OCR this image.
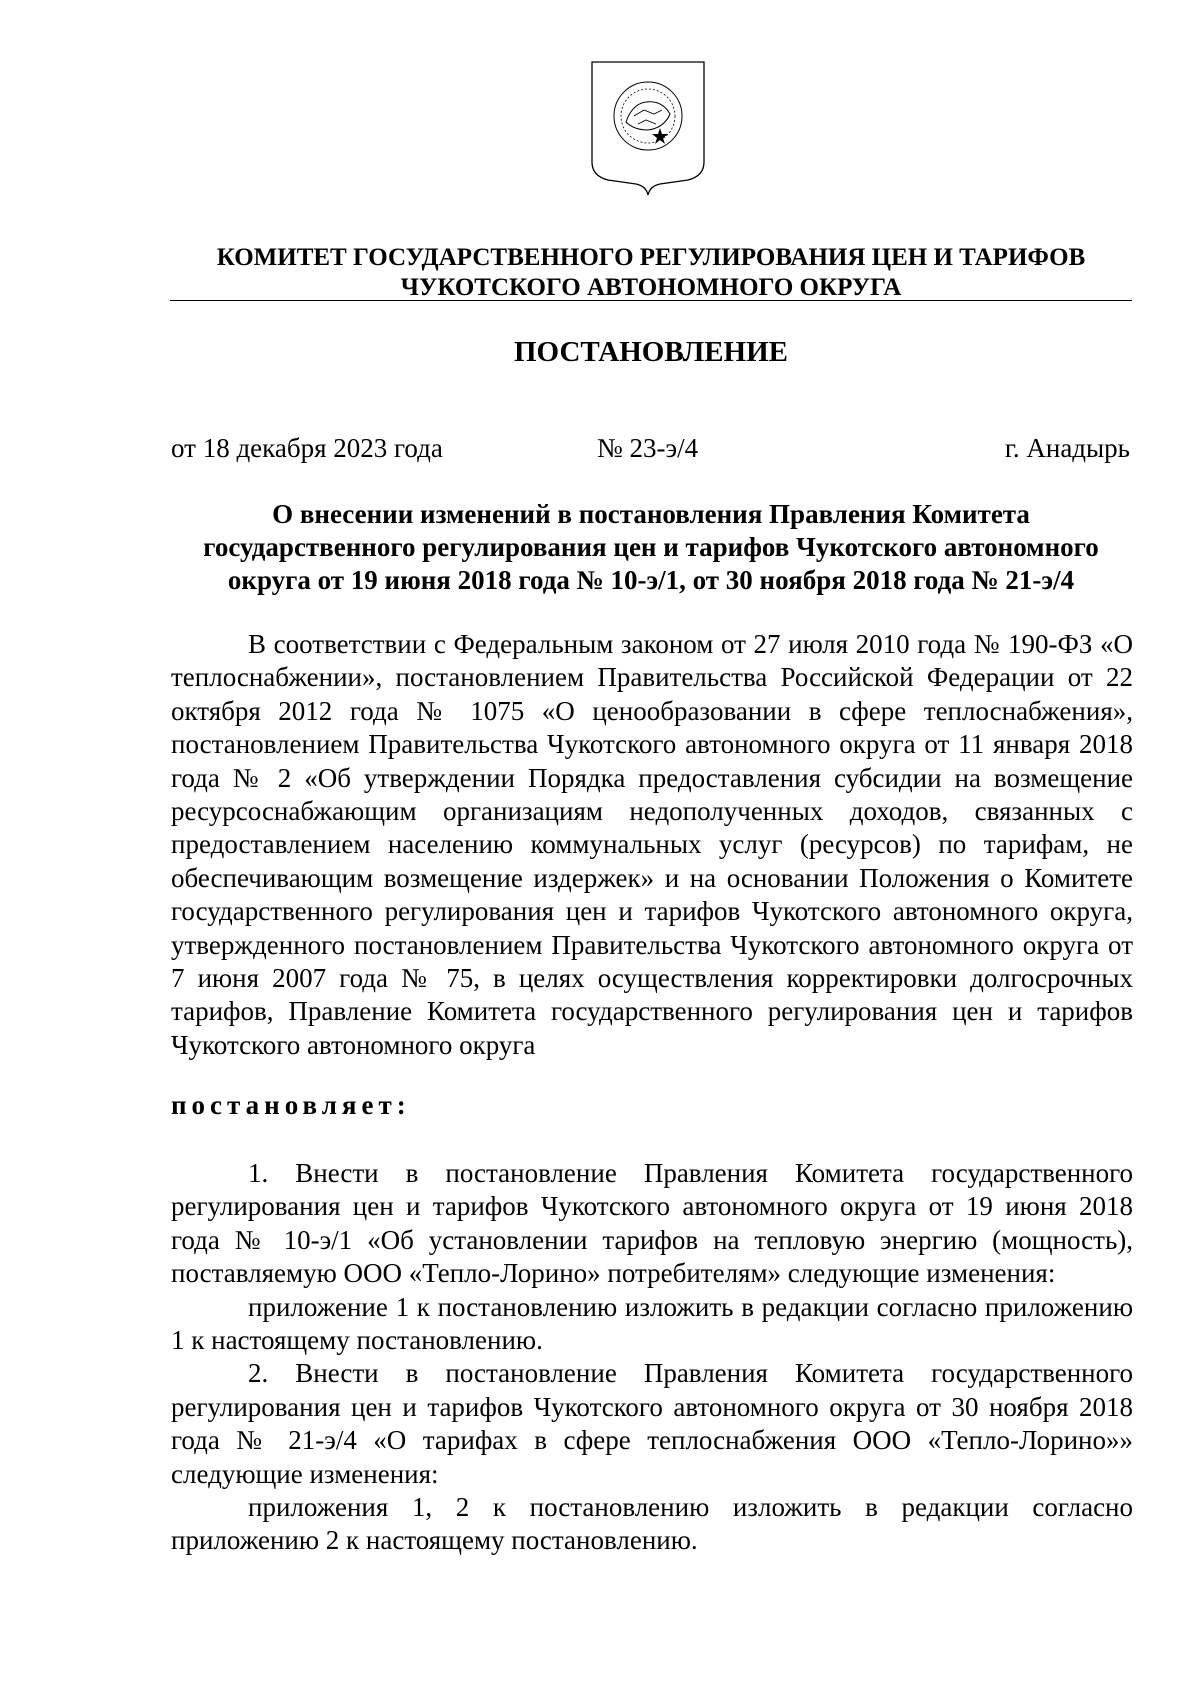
КОМИТЕТ ГОСУДАРСТВЕННОГО РЕГУЛИРОВАНИЯ ЦЕН И ТАРИФОВ
ЧУКОТСКОГО АВТОНОМНОГО ОКРУГА
ПОСТАНОВЛЕНИЕ
от 18 декабря 2023 года	№ 23-э/4	г. Анадырь
О внесении изменений в постановления Правления Комитета
государственного регулирования цен и тарифов Чукотского автономного
округа от 19 июня 2018 года № 10-э/1, от 30 ноября 2018 года № 21-э/4

В соответствии с Федеральным законом от 27 июля 2010 года № 190-ФЗ «О теплоснабжении», постановлением Правительства Российской Федерации от 22 октября 2012 года № 1075 «О ценообразовании в сфере теплоснабжения», постановлением Правительства Чукотского автономного округа от 11 января 2018 года № 2 «Об утверждении Порядка предоставления субсидии на возмещение ресурсоснабжающим организациям недополученных доходов, связанных с предоставлением населению коммунальных услуг (ресурсов) по тарифам, не обеспечивающим возмещение издержек» и на основании Положения о Комитете государственного регулирования цен и тарифов Чукотского автономного округа, утвержденного постановлением Правительства Чукотского автономного округа от 7 июня 2007 года № 75, в целях осуществления корректировки долгосрочных тарифов, Правление Комитета государственного регулирования цен и тарифов Чукотского автономного округа

постановляет:

1. Внести в постановление Правления Комитета государственного регулирования цен и тарифов Чукотского автономного округа от 19 июня 2018 года № 10-э/1 «Об установлении тарифов на тепловую энергию (мощность), поставляемую ООО «Тепло-Лорино» потребителям» следующие изменения:

приложение 1 к постановлению изложить в редакции согласно приложению 1 к настоящему постановлению.

2. Внести в постановление Правления Комитета государственного регулирования цен и тарифов Чукотского автономного округа от 30 ноября 2018 года № 21-э/4 «О тарифах в сфере теплоснабжения ООО «Тепло-Лорино»» следующие изменения:

приложения 1, 2 к постановлению изложить в редакции согласно приложению 2 к настоящему постановлению.
